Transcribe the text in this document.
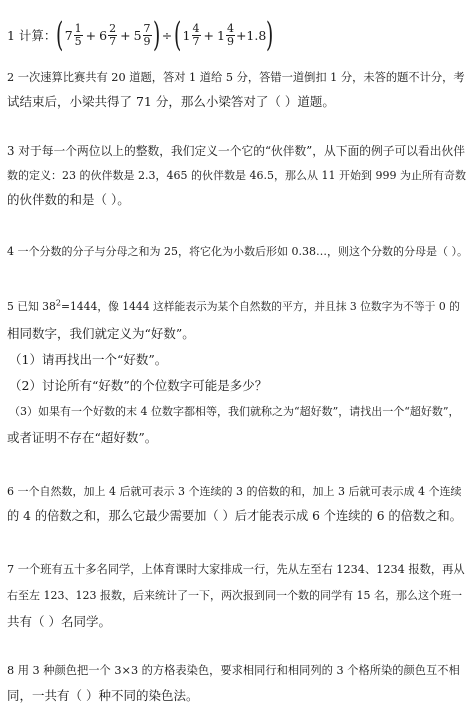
1 计算： ( $7 \frac{1}{5} + 6 \frac{2}{7} + 5 \frac{7}{9}$ ) ÷ ( $1 \frac{4}{7} + 1 \frac{4}{9} +1.8$ )
2 一次速算比赛共有 20 道题，答对 1 道给 5 分，答错一道倒扣 1 分，未答的题不计分，考
试结束后，小梁共得了 71 分，那么小梁答对了（ ）道题。
3 对于每一个两位以上的整数，我们定义一个它的“伙伴数”，从下面的例子可以看出伙伴
数的定义：23 的伙伴数是 2.3，465 的伙伴数是 46.5，那么从 11 开始到 999 为止所有奇数
的伙伴数的和是（ ）。
4 一个分数的分子与分母之和为 25，将它化为小数后形如 0.38…，则这个分数的分母是（ ）。
5 已知 $38^2=1444$，像 1444 这样能表示为某个自然数的平方，并且抹 3 位数字为不等于 0 的
相同数字，我们就定义为“好数”。
（1）请再找出一个“好数”。
（2）讨论所有“好数”的个位数字可能是多少？
（3）如果有一个好数的末 4 位数字都相等，我们就称之为“超好数”，请找出一个“超好数”，
或者证明不存在“超好数”。
6 一个自然数，加上 4 后就可表示 3 个连续的 3 的倍数的和，加上 3 后就可表示成 4 个连续
的 4 的倍数之和，那么它最少需要加（ ）后才能表示成 6 个连续的 6 的倍数之和。
7 一个班有五十多名同学，上体育课时大家排成一行，先从左至右 1234、1234 报数，再从
右至左 123、123 报数，后来统计了一下，两次报到同一个数的同学有 15 名，那么这个班一
共有（ ）名同学。
8 用 3 种颜色把一个 3×3 的方格表染色，要求相同行和相同列的 3 个格所染的颜色互不相
同，一共有（ ）种不同的染色法。
